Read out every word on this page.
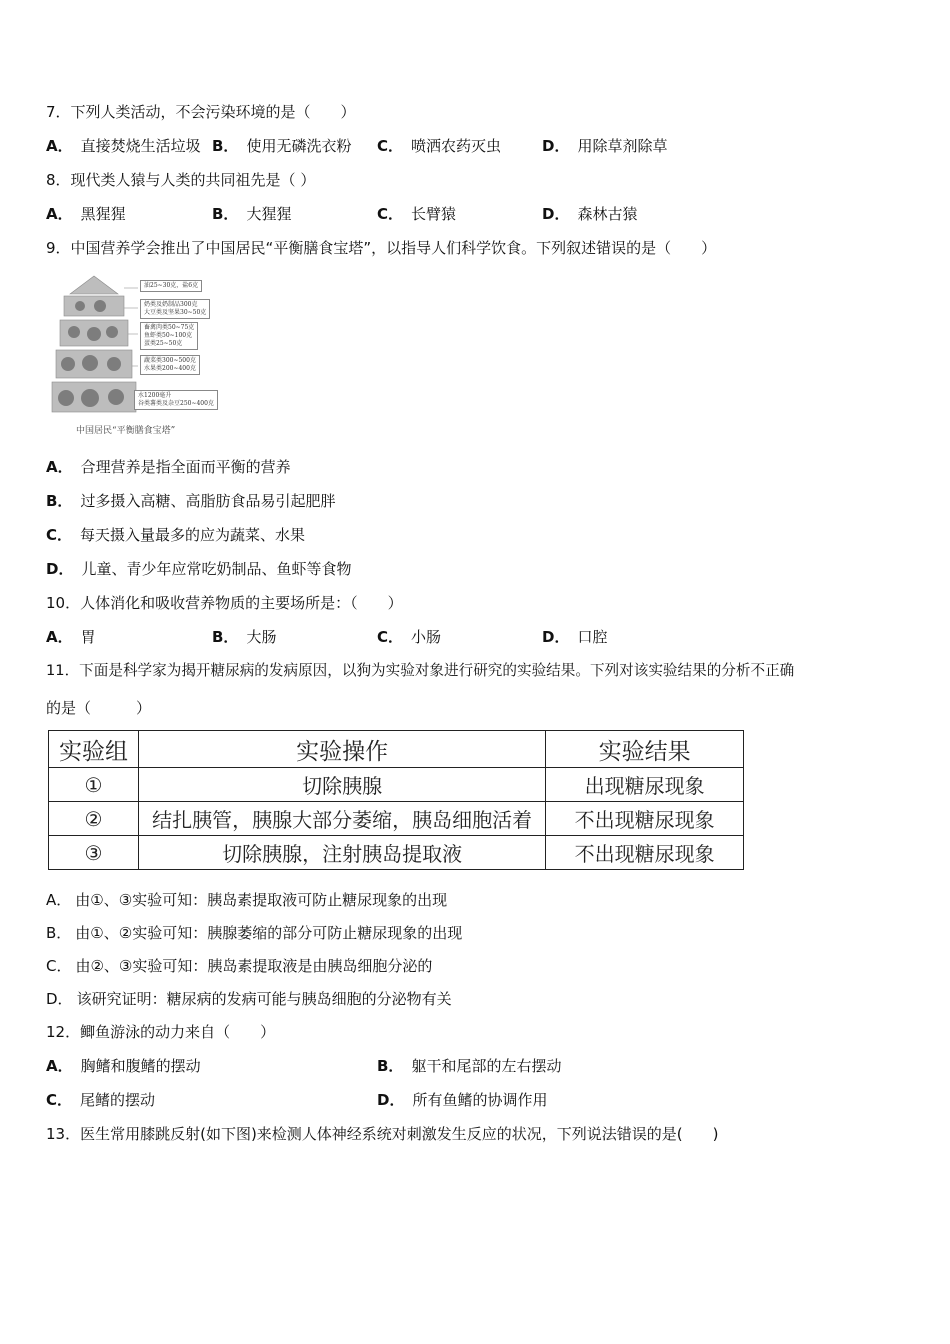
7．下列人类活动，不会污染环境的是（　　）
A． 直接焚烧生活垃圾 B． 使用无磷洗衣粉 C． 喷洒农药灭虫	D． 用除草剂除草
8．现代类人猿与人类的共同祖先是（ ）
A． 黑猩猩	B． 大猩猩	C． 长臂猿	D． 森林古猿
9．中国营养学会推出了中国居民“平衡膳食宝塔”，以指导人们科学饮食。下列叙述错误的是（　　）
油25~30克，盐6克
奶类及奶制品300克
大豆类及坚果30~50克
畜禽肉类50~75克
鱼虾类50~100克
蛋类25~50克
蔬菜类300~500克
水果类200~400克
水1200毫升
谷类薯类及杂豆250~400克
中国居民“平衡膳食宝塔”
A． 合理营养是指全面而平衡的营养
B． 过多摄入高糖、高脂肪食品易引起肥胖
C． 每天摄入量最多的应为蔬菜、水果
D． 儿童、青少年应常吃奶制品、鱼虾等食物
10．人体消化和吸收营养物质的主要场所是：（　　）
A． 胃	B． 大肠	C． 小肠	D． 口腔
11．下面是科学家为揭开糖尿病的发病原因，以狗为实验对象进行研究的实验结果。下列对该实验结果的分析不正确
的是（　　　）
实验组	实验操作	实验结果
①	切除胰腺	出现糖尿现象
②	结扎胰管，胰腺大部分萎缩，胰岛细胞活着	不出现糖尿现象
③	切除胰腺，注射胰岛提取液	不出现糖尿现象
A． 由①、③实验可知：胰岛素提取液可防止糖尿现象的出现
B． 由①、②实验可知：胰腺萎缩的部分可防止糖尿现象的出现
C． 由②、③实验可知：胰岛素提取液是由胰岛细胞分泌的
D． 该研究证明：糖尿病的发病可能与胰岛细胞的分泌物有关
12．鲫鱼游泳的动力来自（　　）
A． 胸鳍和腹鳍的摆动	B． 躯干和尾部的左右摆动
C． 尾鳍的摆动	D． 所有鱼鳍的协调作用
13．医生常用膝跳反射(如下图)来检测人体神经系统对刺激发生反应的状况，下列说法错误的是(　　)
